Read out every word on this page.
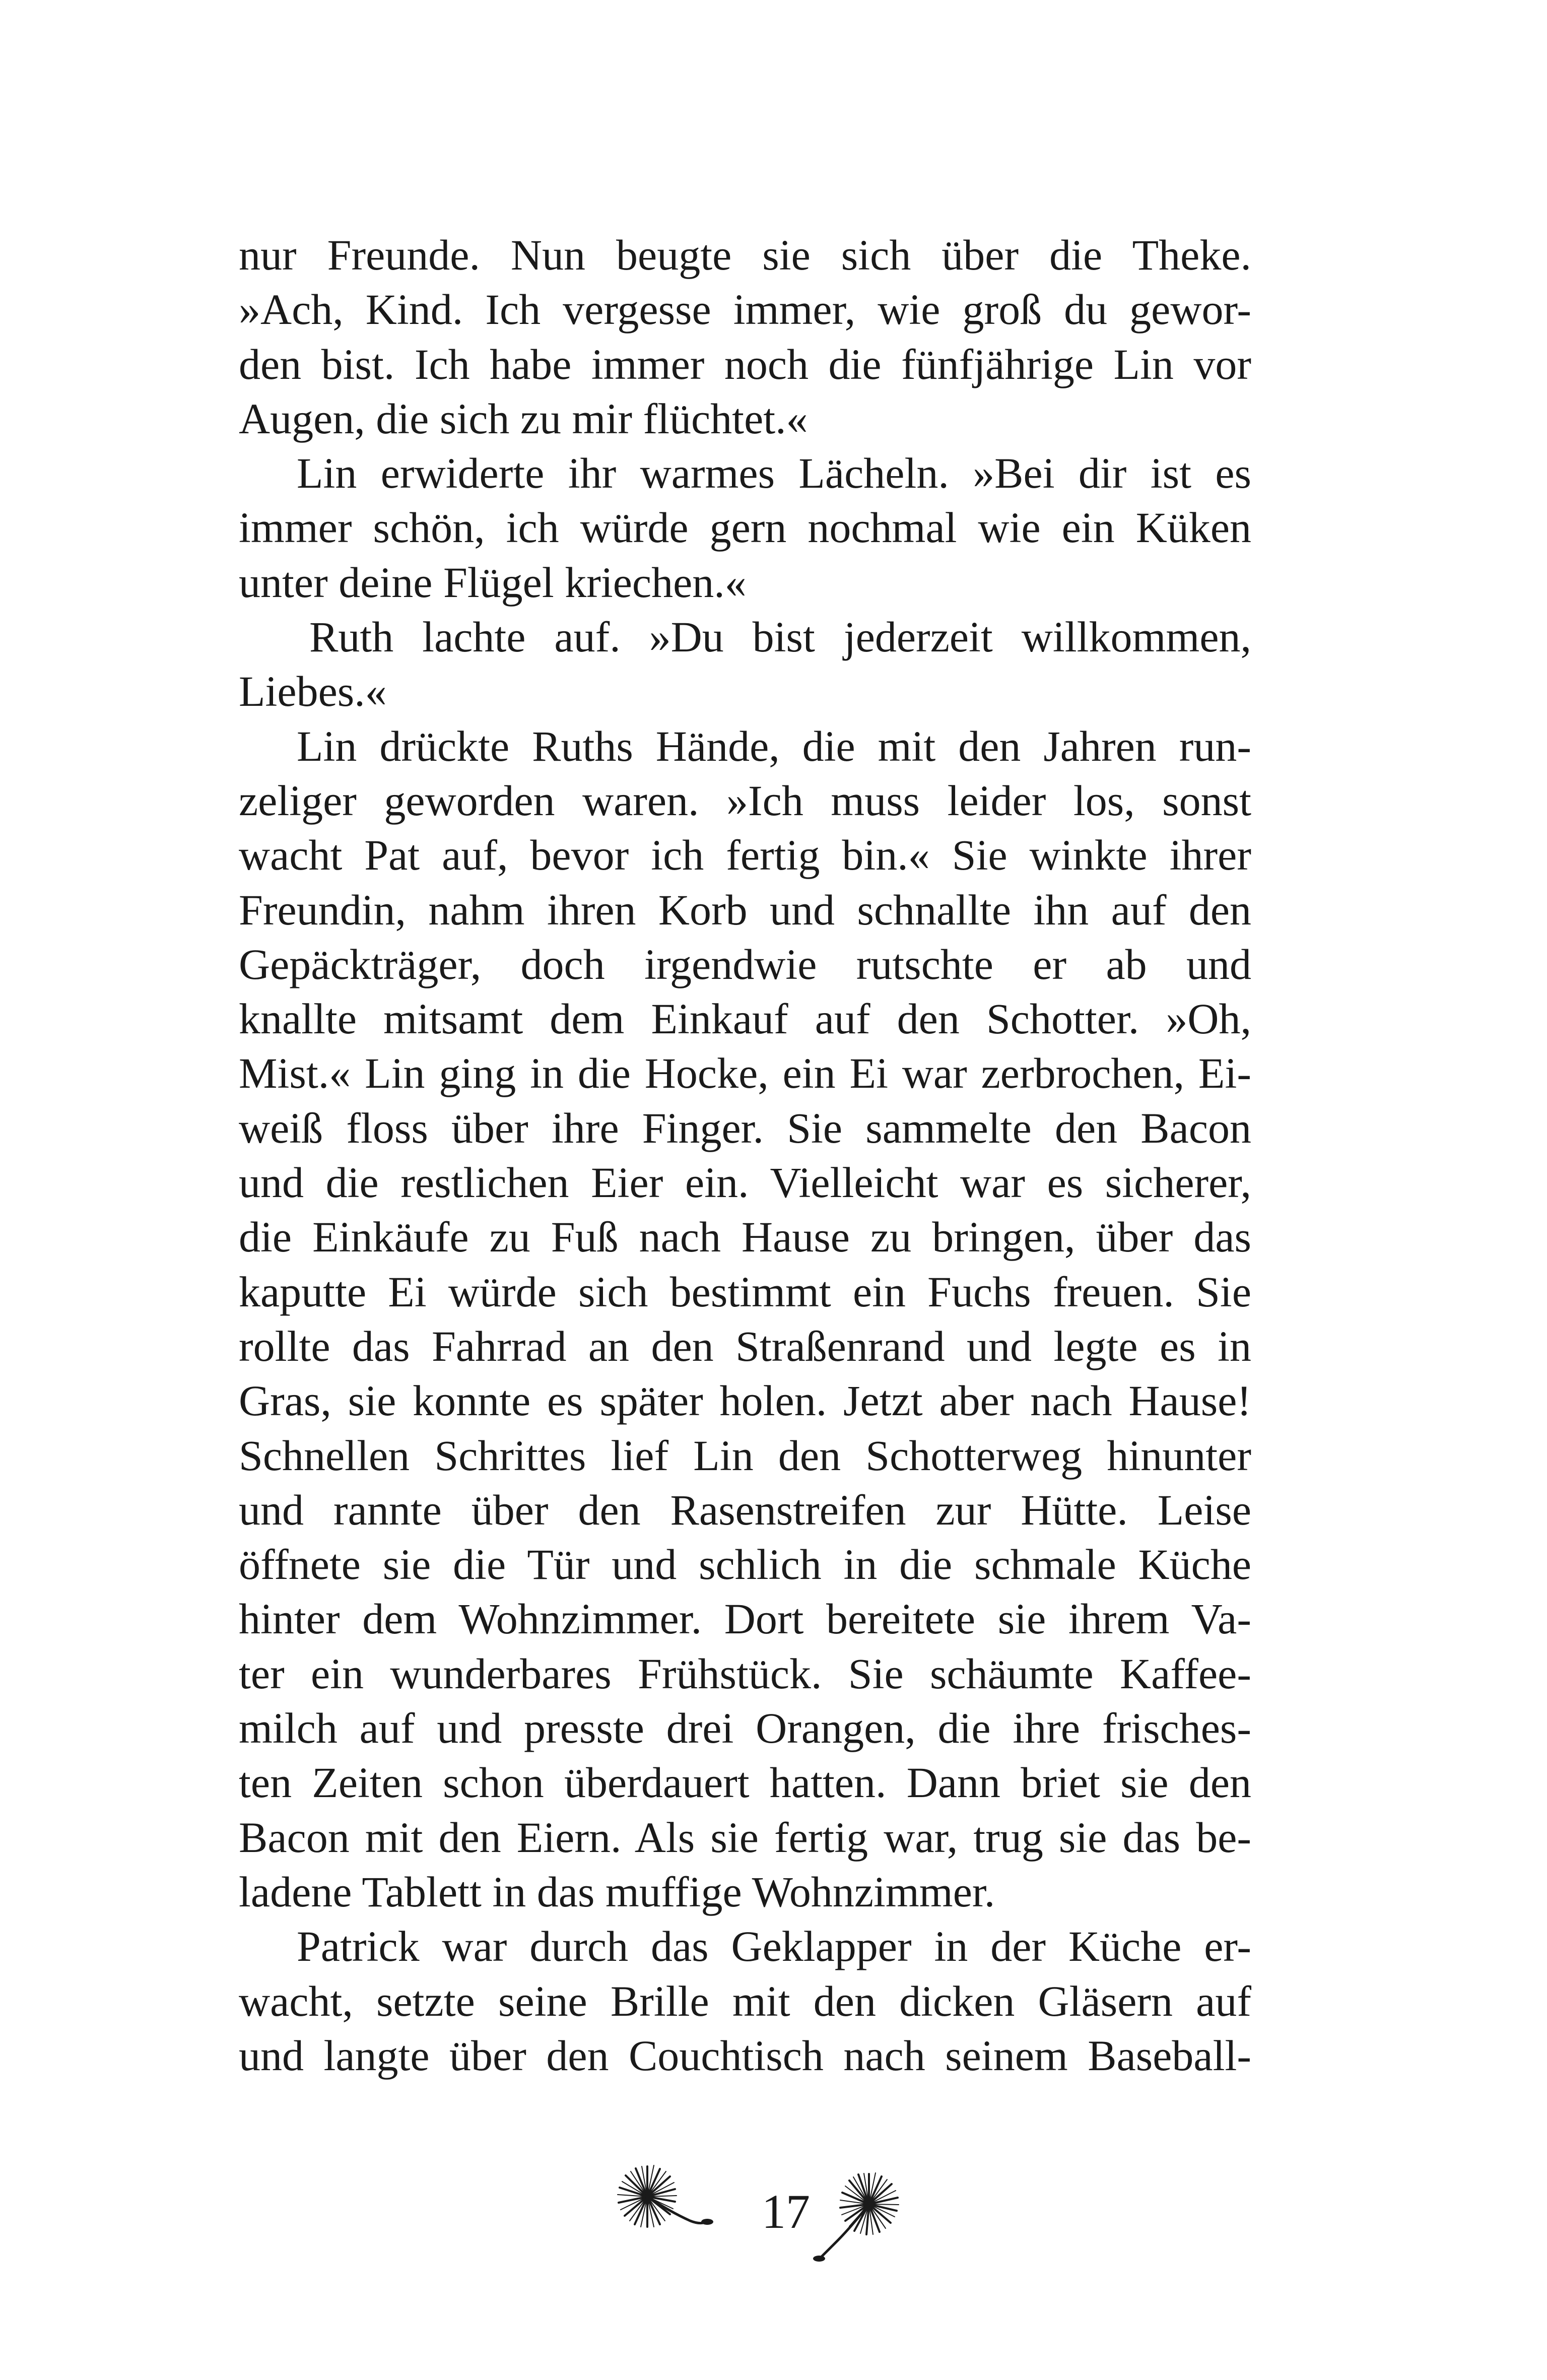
nur Freunde. Nun beugte sie sich über die Theke.
»Ach, Kind. Ich vergesse immer, wie groß du gewor-
den bist. Ich habe immer noch die fünfjährige Lin vor
Augen, die sich zu mir flüchtet.«
Lin erwiderte ihr warmes Lächeln. »Bei dir ist es
immer schön, ich würde gern nochmal wie ein Küken
unter deine Flügel kriechen.«
Ruth lachte auf. »Du bist jederzeit willkommen,
Liebes.«
Lin drückte Ruths Hände, die mit den Jahren run-
zeliger geworden waren. »Ich muss leider los, sonst
wacht Pat auf, bevor ich fertig bin.« Sie winkte ihrer
Freundin, nahm ihren Korb und schnallte ihn auf den
Gepäckträger, doch irgendwie rutschte er ab und
knallte mitsamt dem Einkauf auf den Schotter. »Oh,
Mist.« Lin ging in die Hocke, ein Ei war zerbrochen, Ei-
weiß floss über ihre Finger. Sie sammelte den Bacon
und die restlichen Eier ein. Vielleicht war es sicherer,
die Einkäufe zu Fuß nach Hause zu bringen, über das
kaputte Ei würde sich bestimmt ein Fuchs freuen. Sie
rollte das Fahrrad an den Straßenrand und legte es in
Gras, sie konnte es später holen. Jetzt aber nach Hause!
Schnellen Schrittes lief Lin den Schotterweg hinunter
und rannte über den Rasenstreifen zur Hütte. Leise
öffnete sie die Tür und schlich in die schmale Küche
hinter dem Wohnzimmer. Dort bereitete sie ihrem Va-
ter ein wunderbares Frühstück. Sie schäumte Kaffee-
milch auf und presste drei Orangen, die ihre frisches-
ten Zeiten schon überdauert hatten. Dann briet sie den
Bacon mit den Eiern. Als sie fertig war, trug sie das be-
ladene Tablett in das muffige Wohnzimmer.
Patrick war durch das Geklapper in der Küche er-
wacht, setzte seine Brille mit den dicken Gläsern auf
und langte über den Couchtisch nach seinem Baseball-
17
